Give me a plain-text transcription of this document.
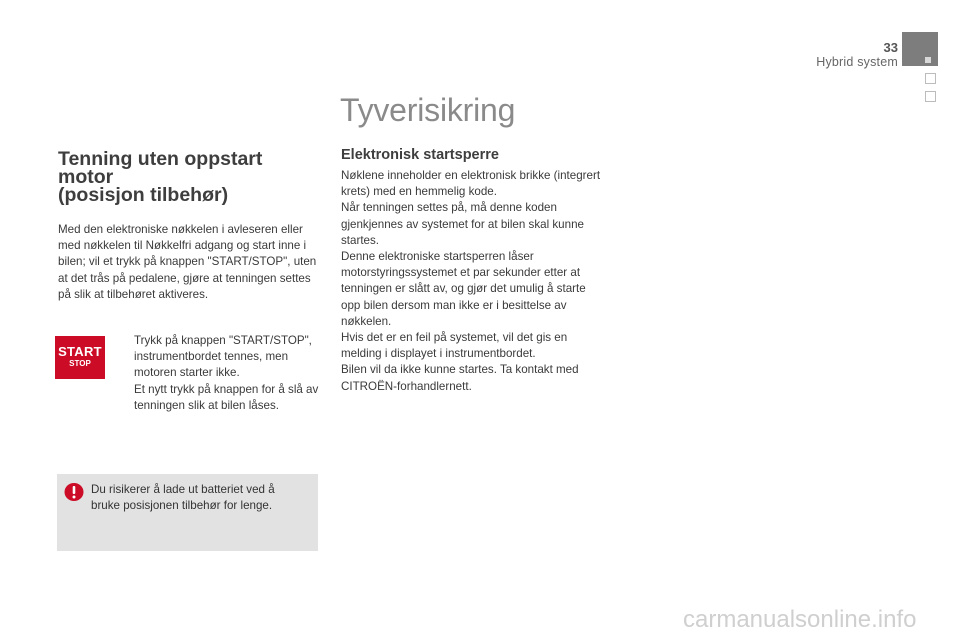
33
Hybrid system
Tyverisikring
Tenning uten oppstart
motor
(posisjon tilbehør)
Med den elektroniske nøkkelen i avleseren eller med nøkkelen til Nøkkelfri adgang og start inne i bilen; vil et trykk på knappen "START/STOP", uten at det trås på pedalene, gjøre at tenningen settes på slik at tilbehøret aktiveres.
START
STOP
Trykk på knappen "START/STOP", instrumentbordet tennes, men motoren starter ikke.
Et nytt trykk på knappen for å slå av tenningen slik at bilen låses.
Du risikerer å lade ut batteriet ved å bruke posisjonen tilbehør for lenge.
Elektronisk startsperre
Nøklene inneholder en elektronisk brikke (integrert krets) med en hemmelig kode.
Når tenningen settes på, må denne koden gjenkjennes av systemet for at bilen skal kunne startes.
Denne elektroniske startsperren låser motorstyringssystemet et par sekunder etter at tenningen er slått av, og gjør det umulig å starte opp bilen dersom man ikke er i besittelse av nøkkelen.
Hvis det er en feil på systemet, vil det gis en melding i displayet i instrumentbordet.
Bilen vil da ikke kunne startes. Ta kontakt med CITROËN-forhandlernett.
carmanualsonline.info
